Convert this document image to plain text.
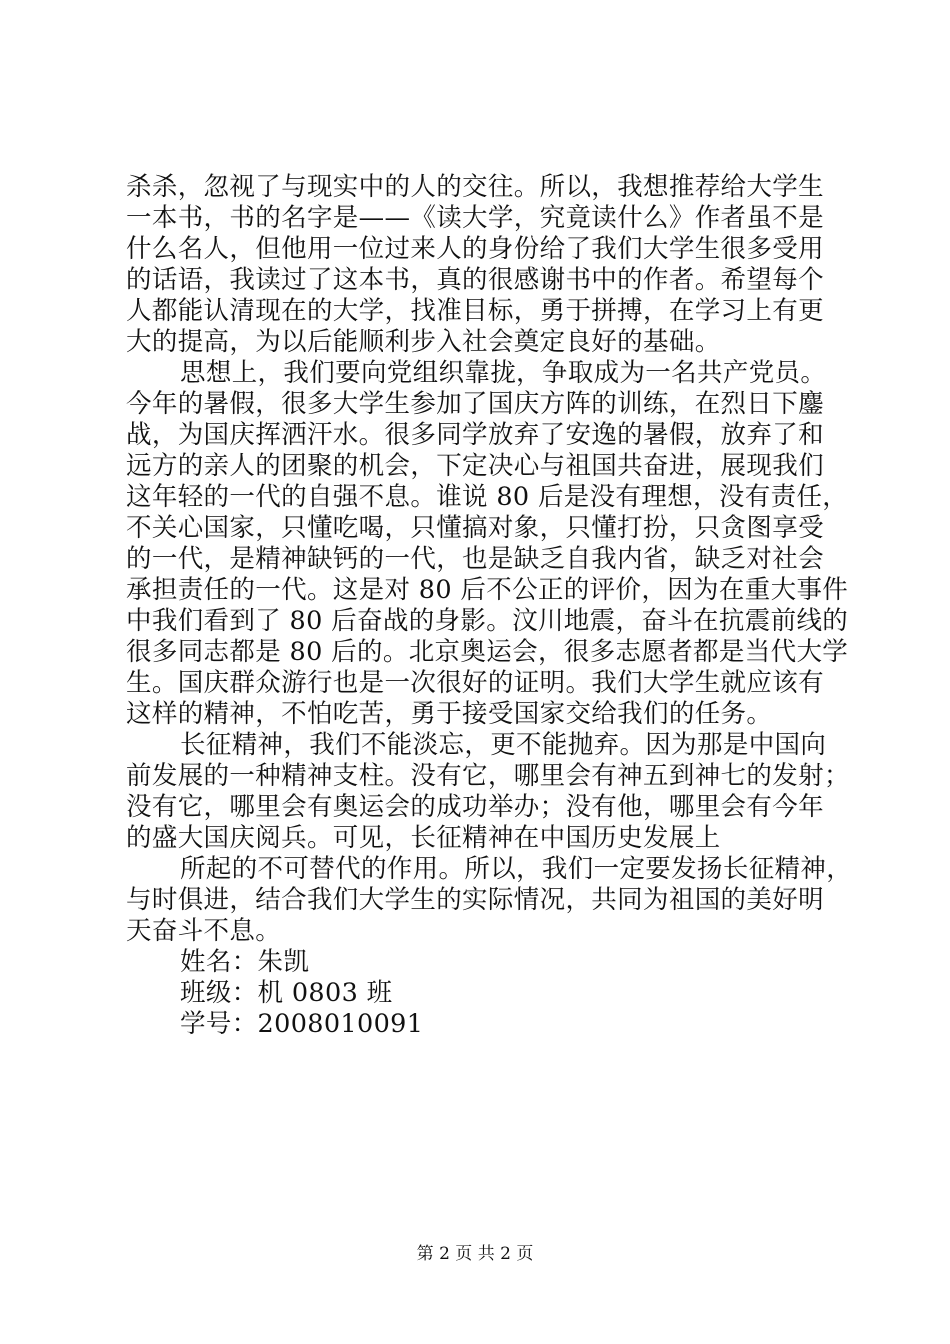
杀杀，忽视了与现实中的人的交往。所以，我想推荐给大学生
一本书，书的名字是——《读大学，究竟读什么》作者虽不是
什么名人，但他用一位过来人的身份给了我们大学生很多受用
的话语，我读过了这本书，真的很感谢书中的作者。希望每个
人都能认清现在的大学，找准目标，勇于拼搏，在学习上有更
大的提高，为以后能顺利步入社会奠定良好的基础。
思想上，我们要向党组织靠拢，争取成为一名共产党员。
今年的暑假，很多大学生参加了国庆方阵的训练，在烈日下鏖
战，为国庆挥洒汗水。很多同学放弃了安逸的暑假，放弃了和
远方的亲人的团聚的机会，下定决心与祖国共奋进，展现我们
这年轻的一代的自强不息。谁说 80 后是没有理想，没有责任，
不关心国家，只懂吃喝，只懂搞对象，只懂打扮，只贪图享受
的一代，是精神缺钙的一代，也是缺乏自我内省，缺乏对社会
承担责任的一代。这是对 80 后不公正的评价，因为在重大事件
中我们看到了 80 后奋战的身影。汶川地震，奋斗在抗震前线的
很多同志都是 80 后的。北京奥运会，很多志愿者都是当代大学
生。国庆群众游行也是一次很好的证明。我们大学生就应该有
这样的精神，不怕吃苦，勇于接受国家交给我们的任务。
长征精神，我们不能淡忘，更不能抛弃。因为那是中国向
前发展的一种精神支柱。没有它，哪里会有神五到神七的发射；
没有它，哪里会有奥运会的成功举办；没有他，哪里会有今年
的盛大国庆阅兵。可见，长征精神在中国历史发展上
所起的不可替代的作用。所以，我们一定要发扬长征精神，
与时俱进，结合我们大学生的实际情况，共同为祖国的美好明
天奋斗不息。
姓名：朱凯
班级：机 0803 班
学号：2008010091
第 2 页 共 2 页
